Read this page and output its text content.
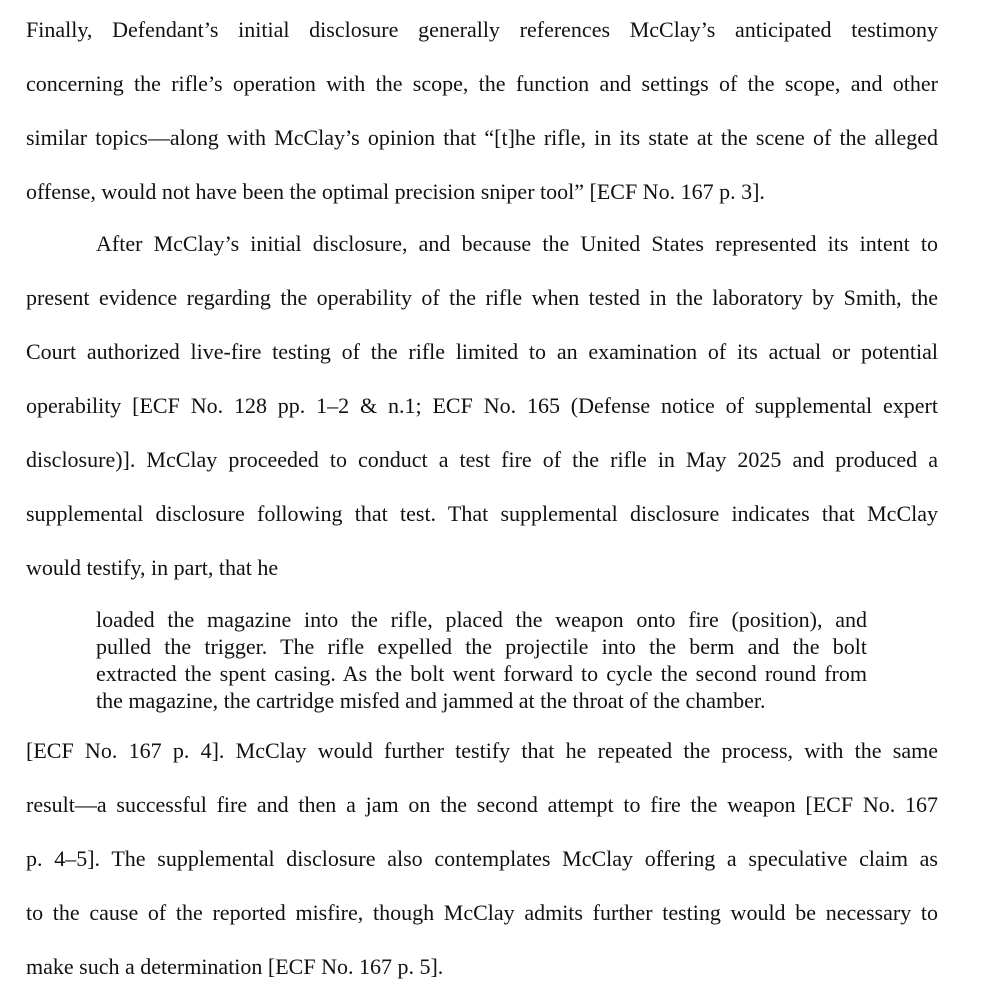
Finally, Defendant’s initial disclosure generally references McClay’s anticipated testimony
concerning the rifle’s operation with the scope, the function and settings of the scope, and other
similar topics—along with McClay’s opinion that “[t]he rifle, in its state at the scene of the alleged
offense, would not have been the optimal precision sniper tool” [ECF No. 167 p. 3].
After McClay’s initial disclosure, and because the United States represented its intent to
present evidence regarding the operability of the rifle when tested in the laboratory by Smith, the
Court authorized live-fire testing of the rifle limited to an examination of its actual or potential
operability [ECF No. 128 pp. 1–2 & n.1; ECF No. 165 (Defense notice of supplemental expert
disclosure)]. McClay proceeded to conduct a test fire of the rifle in May 2025 and produced a
supplemental disclosure following that test. That supplemental disclosure indicates that McClay
would testify, in part, that he
loaded the magazine into the rifle, placed the weapon onto fire (position), and
pulled the trigger. The rifle expelled the projectile into the berm and the bolt
extracted the spent casing. As the bolt went forward to cycle the second round from
the magazine, the cartridge misfed and jammed at the throat of the chamber.
[ECF No. 167 p. 4]. McClay would further testify that he repeated the process, with the same
result—a successful fire and then a jam on the second attempt to fire the weapon [ECF No. 167
p. 4–5]. The supplemental disclosure also contemplates McClay offering a speculative claim as
to the cause of the reported misfire, though McClay admits further testing would be necessary to
make such a determination [ECF No. 167 p. 5].
